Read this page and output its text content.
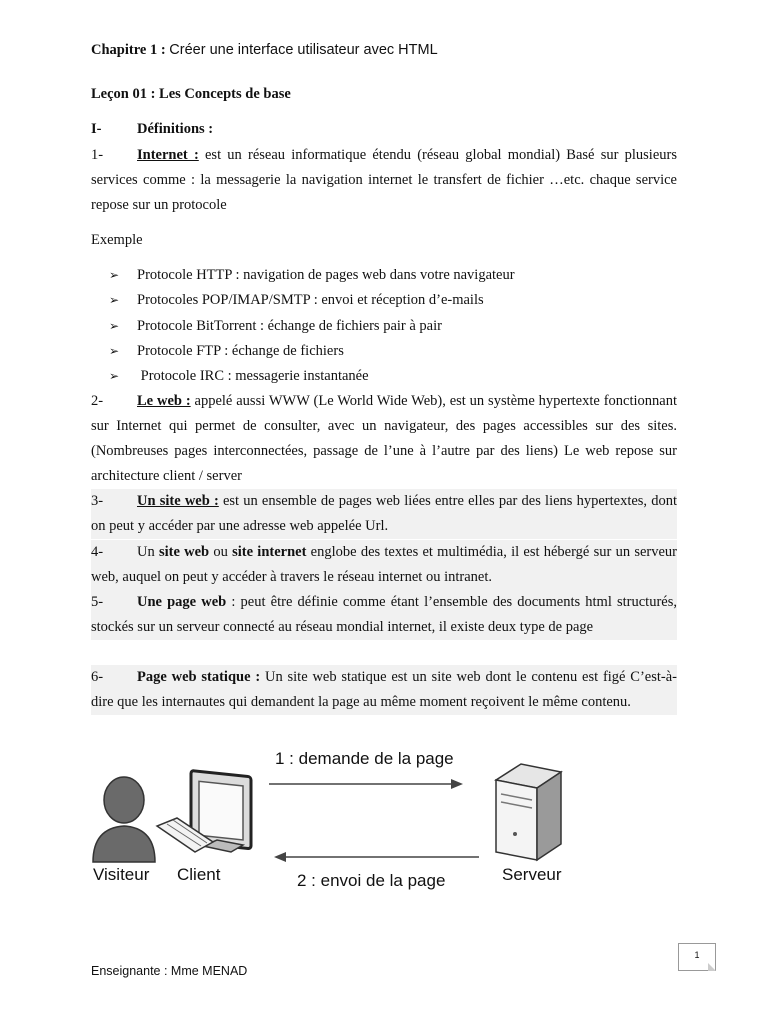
Chapitre 1 : Créer une interface utilisateur avec HTML
Leçon 01 : Les Concepts de base
I- Définitions :
1- Internet : est un réseau informatique étendu (réseau global mondial) Basé sur plusieurs services comme : la messagerie la navigation internet le transfert de fichier …etc. chaque service repose sur un protocole
Exemple
➢ Protocole HTTP : navigation de pages web dans votre navigateur
➢ Protocoles POP/IMAP/SMTP : envoi et réception d’e-mails
➢ Protocole BitTorrent : échange de fichiers pair à pair
➢ Protocole FTP : échange de fichiers
➢ Protocole IRC : messagerie instantanée
2- Le web : appelé aussi WWW (Le World Wide Web), est un système hypertexte fonctionnant sur Internet qui permet de consulter, avec un navigateur, des pages accessibles sur des sites. (Nombreuses pages interconnectées, passage de l’une à l’autre par des liens) Le web repose sur architecture client / server
3- Un site web : est un ensemble de pages web liées entre elles par des liens hypertextes, dont on peut y accéder par une adresse web appelée Url.
4- Un site web ou site internet englobe des textes et multimédia, il est hébergé sur un serveur web, auquel on peut y accéder à travers le réseau internet ou intranet.
5- Une page web : peut être définie comme étant l’ensemble des documents html structurés, stockés sur un serveur connecté au réseau mondial internet, il existe deux type de page
6- Page web statique : Un site web statique est un site web dont le contenu est figé C’est-à-dire que les internautes qui demandent la page au même moment reçoivent le même contenu.
1 : demande de la page
2 : envoi de la page
Visiteur Client	Serveur
1
Enseignante : Mme MENAD
